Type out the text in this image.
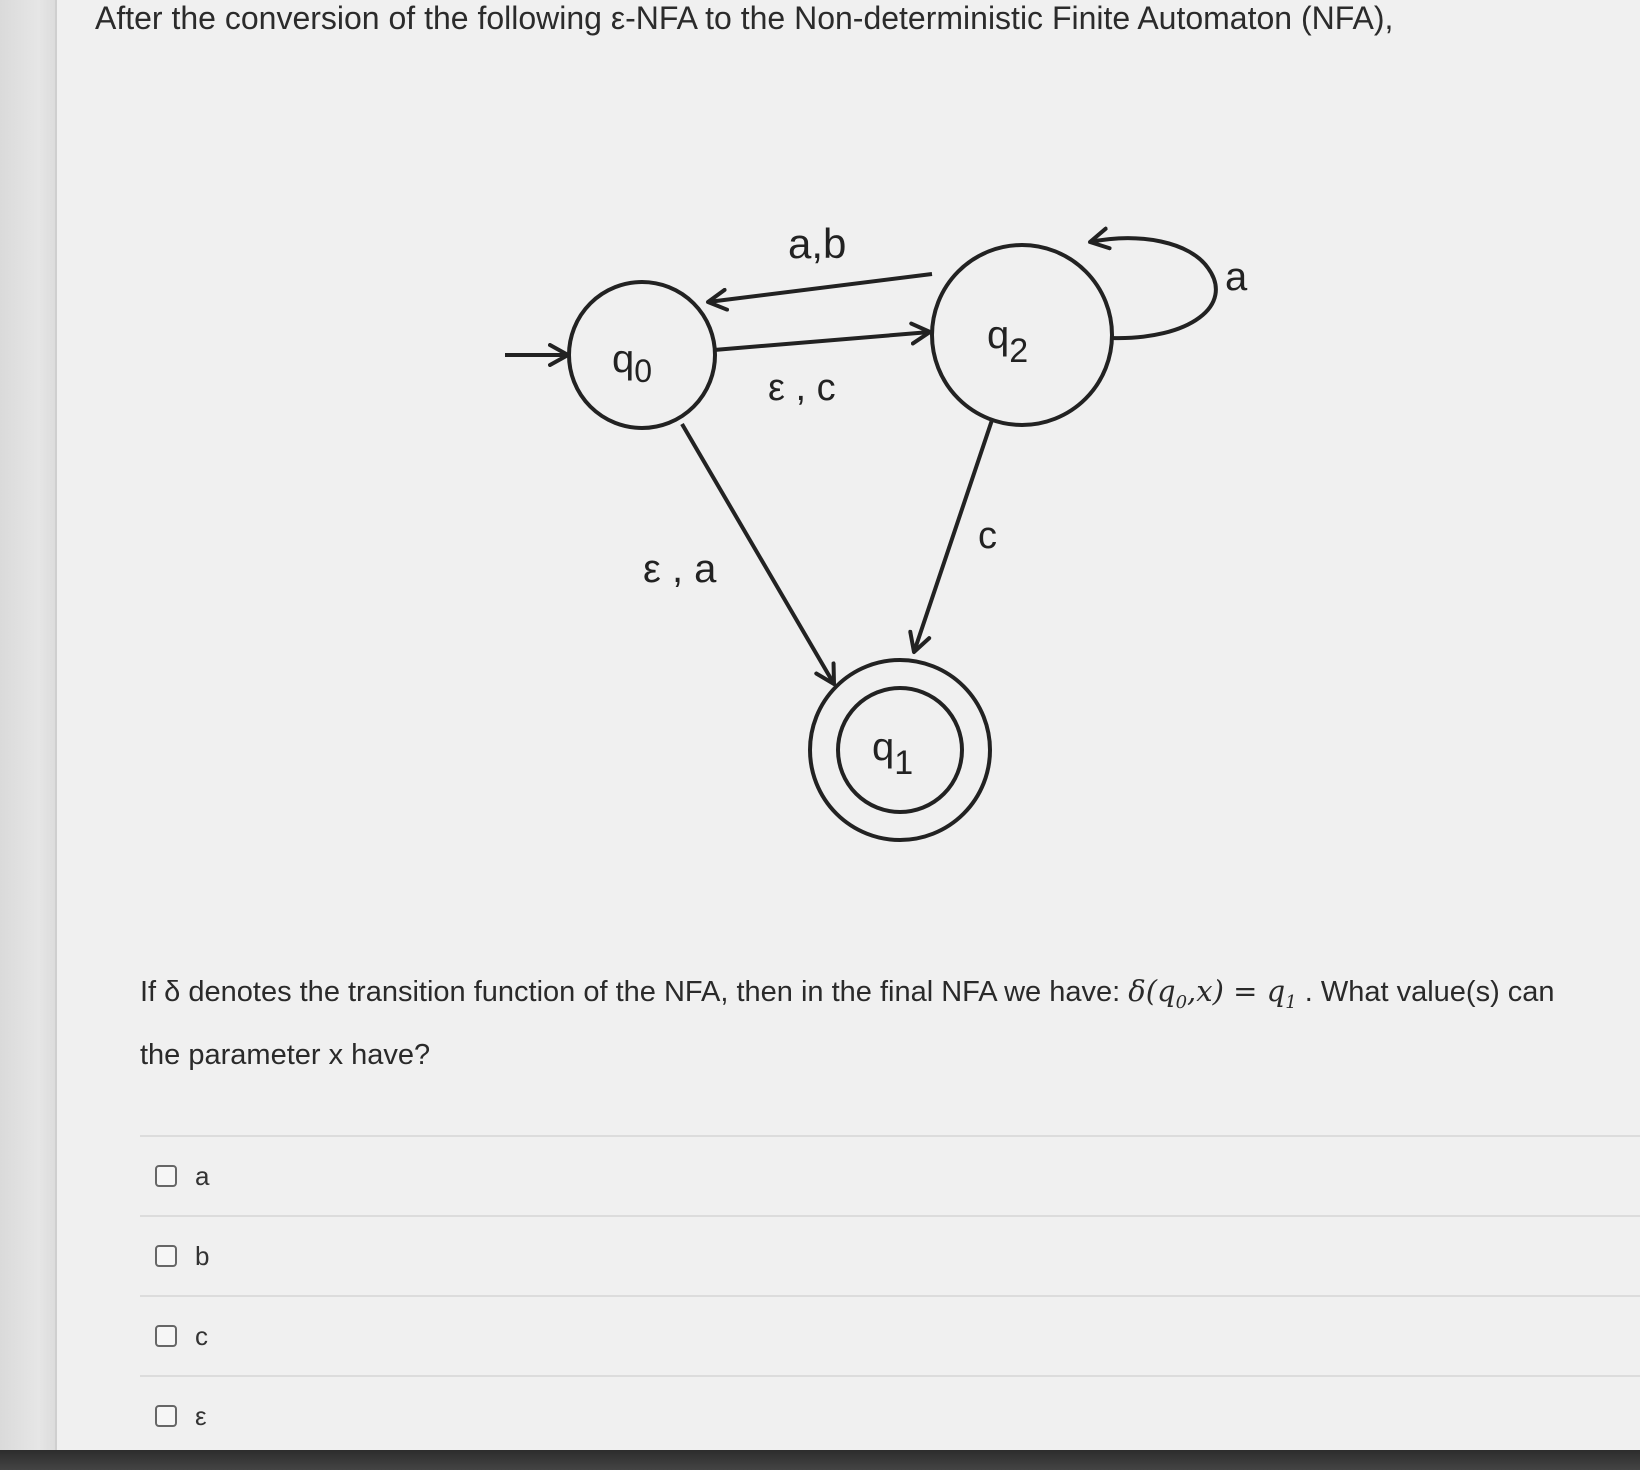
After the conversion of the following ε-NFA to the Non-deterministic Finite Automaton (NFA),
$q_0$
$q_2$
$q_1$
a,b
ε , c
ε , a
c
a
If δ denotes the transition function of the NFA, then in the final NFA we have: $\delta(q_0,x) = q_1$ . What value(s) can the parameter x have?
a
b
c
ε
